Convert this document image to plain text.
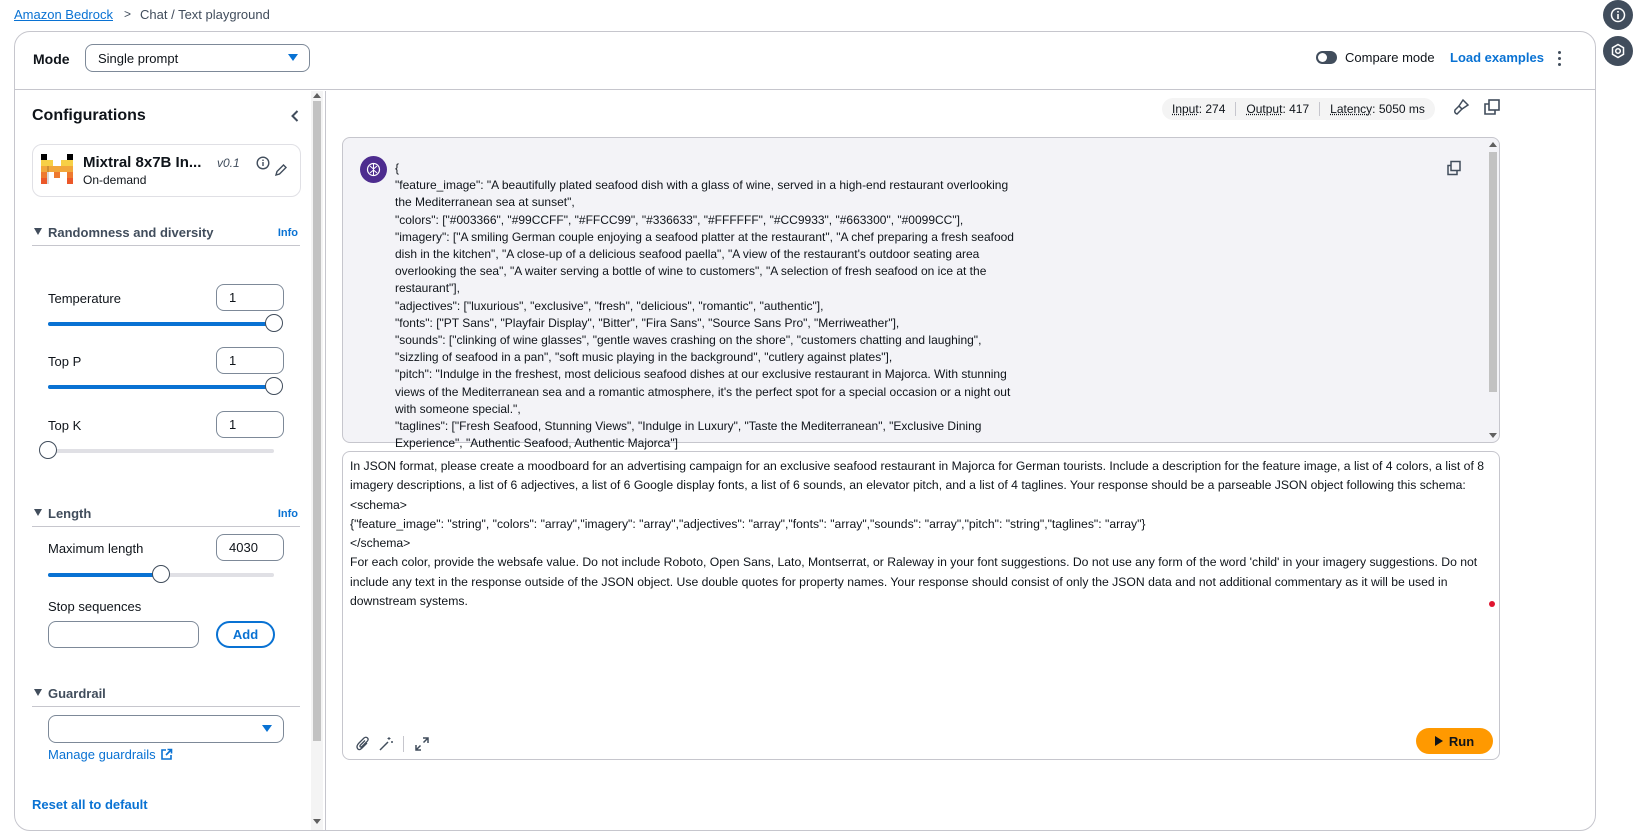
Amazon Bedrock > Chat / Text playground
Mode Single prompt	Compare mode Load examples
Configurations
Mixtral 8x7B In...	v0.1
On-demand
Randomness and diversity	Info
Temperature	1
Top P	1
Top K	1
Length	Info
Maximum length	4030
Stop sequences
Add
Guardrail
Manage guardrails
Reset all to default
Input : 274 Output : 417 Latency : 5050 ms
{
"feature_image": "A beautifully plated seafood dish with a glass of wine, served in a high-end restaurant overlooking the Mediterranean sea at sunset",
"colors": ["#003366", "#99CCFF", "#FFCC99", "#336633", "#FFFFFF", "#CC9933", "#663300", "#0099CC"],
"imagery": ["A smiling German couple enjoying a seafood platter at the restaurant", "A chef preparing a fresh seafood dish in the kitchen", "A close-up of a delicious seafood paella", "A view of the restaurant's outdoor seating area overlooking the sea", "A waiter serving a bottle of wine to customers", "A selection of fresh seafood on ice at the restaurant"],
"adjectives": ["luxurious", "exclusive", "fresh", "delicious", "romantic", "authentic"],
"fonts": ["PT Sans", "Playfair Display", "Bitter", "Fira Sans", "Source Sans Pro", "Merriweather"],
"sounds": ["clinking of wine glasses", "gentle waves crashing on the shore", "customers chatting and laughing", "sizzling of seafood in a pan", "soft music playing in the background", "cutlery against plates"],
"pitch": "Indulge in the freshest, most delicious seafood dishes at our exclusive restaurant in Majorca. With stunning views of the Mediterranean sea and a romantic atmosphere, it's the perfect spot for a special occasion or a night out with someone special.",
"taglines": ["Fresh Seafood, Stunning Views", "Indulge in Luxury", "Taste the Mediterranean", "Exclusive Dining Experience", "Authentic Seafood, Authentic Majorca"]
In JSON format, please create a moodboard for an advertising campaign for an exclusive seafood restaurant in Majorca for German tourists. Include a description for the feature image, a list of 4 colors, a list of 8 imagery descriptions, a list of 6 adjectives, a list of 6 Google display fonts, a list of 6 sounds, an elevator pitch, and a list of 4 taglines. Your response should be a parseable JSON object following this schema:
<schema>
{"feature_image": "string", "colors": "array","imagery": "array","adjectives": "array","fonts": "array","sounds": "array","pitch": "string","taglines": "array"}
</schema>
For each color, provide the websafe value. Do not include Roboto, Open Sans, Lato, Montserrat, or Raleway in your font suggestions. Do not use any form of the word 'child' in your imagery suggestions. Do not include any text in the response outside of the JSON object. Use double quotes for property names. Your response should consist of only the JSON data and not additional commentary as it will be used in downstream systems.
Run
